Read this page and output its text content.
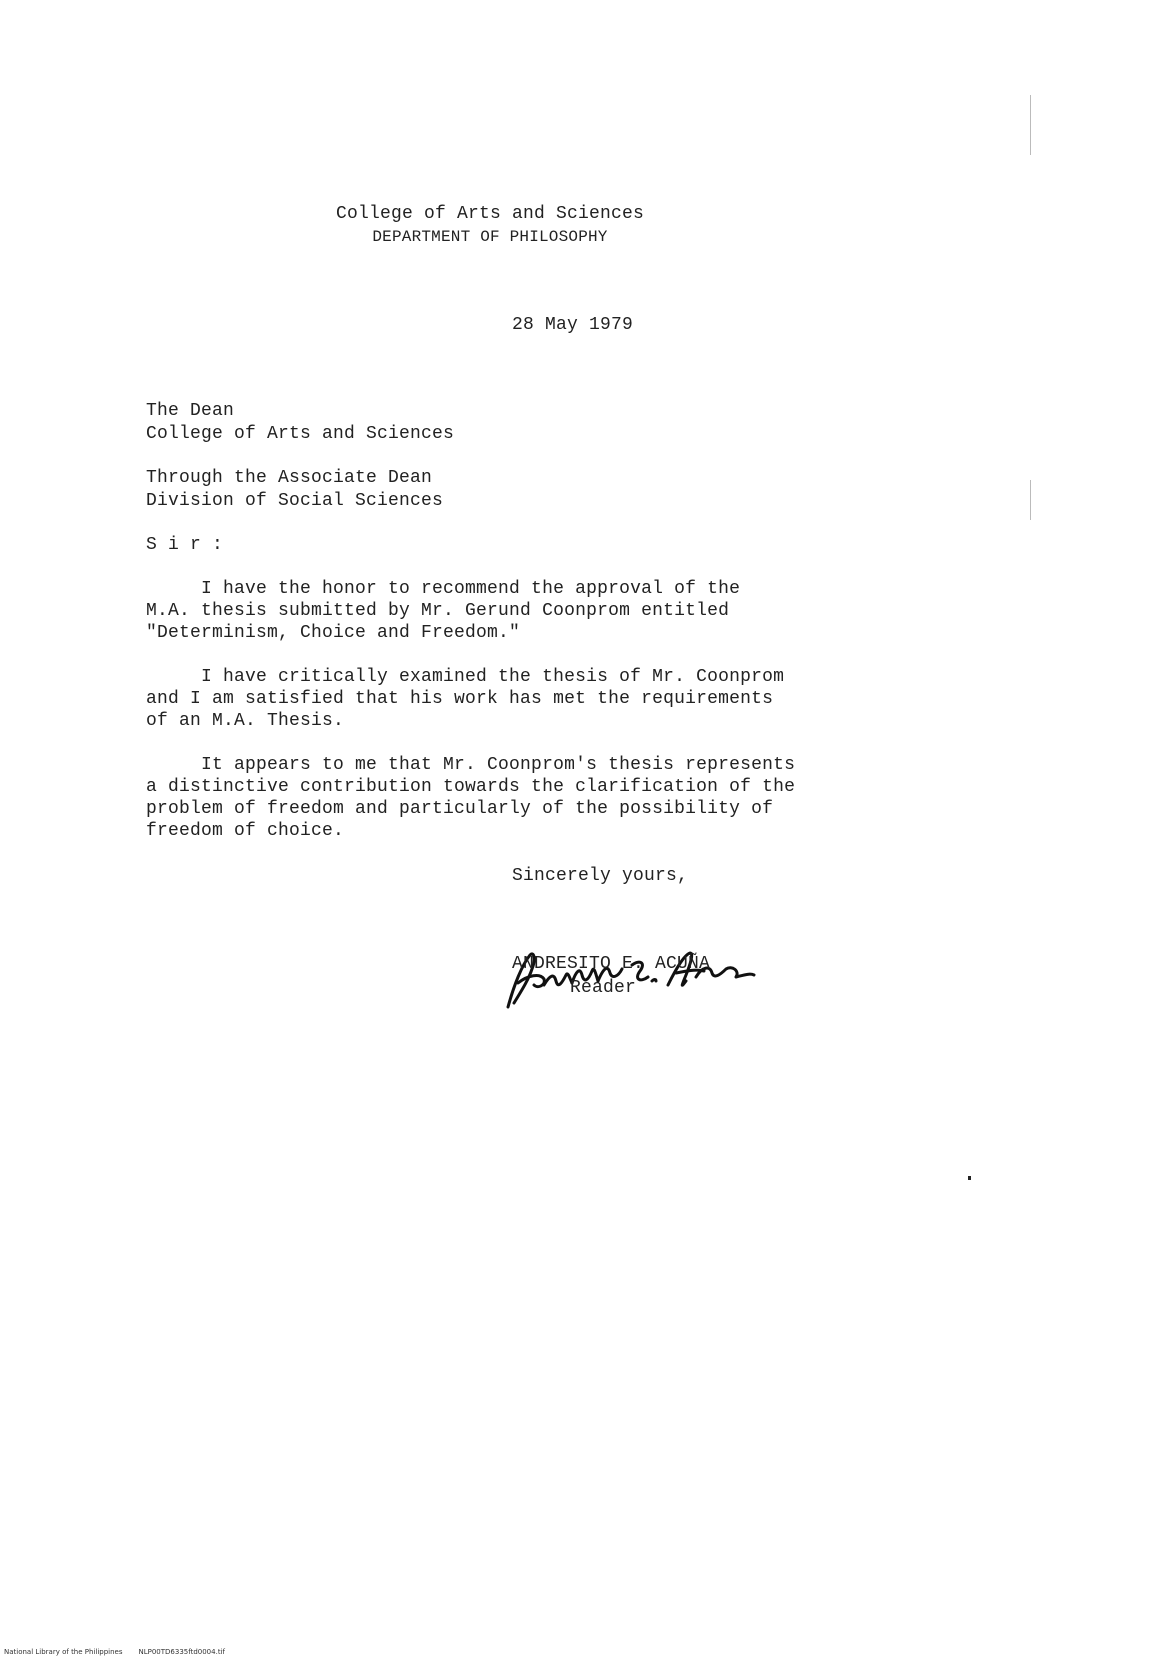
College of Arts and Sciences
DEPARTMENT OF PHILOSOPHY
28 May 1979
The Dean
College of Arts and Sciences
Through the Associate Dean
Division of Social Sciences
S i r :
I have the honor to recommend the approval of the
M.A. thesis submitted by Mr. Gerund Coonprom entitled
"Determinism, Choice and Freedom."
I have critically examined the thesis of Mr. Coonprom
and I am satisfied that his work has met the requirements
of an M.A. Thesis.
It appears to me that Mr. Coonprom's thesis represents
a distinctive contribution towards the clarification of the
problem of freedom and particularly of the possibility of
freedom of choice.
Sincerely yours,
ANDRESITO E. ACUÑA
Reader
National Library of the Philippines NLP00TD6335ftd0004.tif
